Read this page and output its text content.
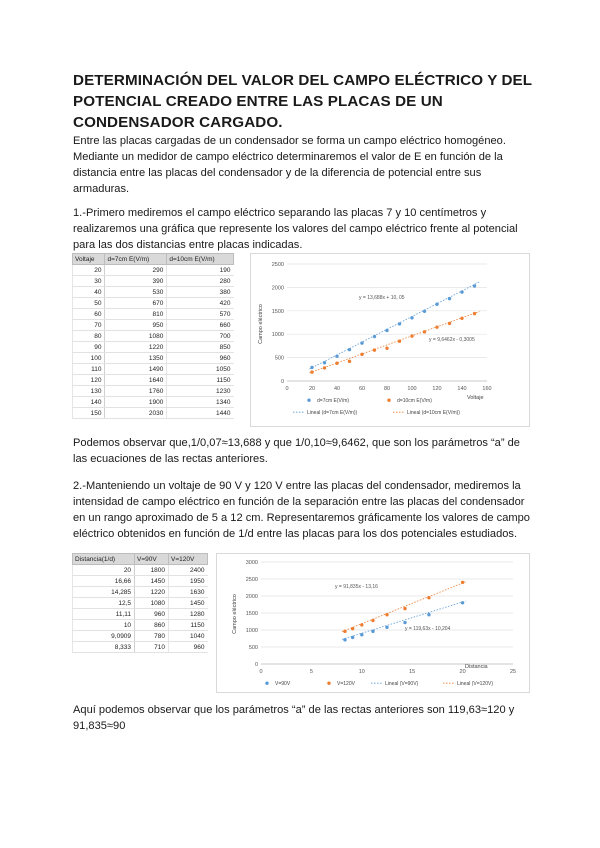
DETERMINACIÓN DEL VALOR DEL CAMPO ELÉCTRICO Y DEL POTENCIAL CREADO ENTRE LAS PLACAS DE UN CONDENSADOR CARGADO.
Entre las placas cargadas de un condensador se forma un campo eléctrico homogéneo. Mediante un medidor de campo eléctrico determinaremos el valor de E en función de la distancia entre las placas del condensador y de la diferencia de potencial entre sus armaduras.
1.-Primero mediremos el campo eléctrico separando las placas 7 y 10 centímetros y realizaremos una gráfica que represente los valores del campo eléctrico frente al potencial para las dos distancias entre placas indicadas.
Voltaje	d=7cm E(V/m)	d=10cm E(V/m)
20	290	190
30	390	280
40	530	380
50	670	420
60	810	570
70	950	660
80	1080	700
90	1220	850
100	1350	960
110	1490	1050
120	1640	1150
130	1760	1230
140	1900	1340
150	2030	1440
0
500
1000
1500
2000
2500
0	20	40	60	80	100	120	140	160
Voltaje
Campo eléctrico
y = 13,688x + 10, 05
y = 9,6462x - 0,3005
d=7cm E(V/m)	d=10cm E(V/m)
Lineal (d=7cm E(V/m))	Lineal (d=10cm E(V/m))
Podemos observar que,1/0,07≈13,688 y que 1/0,10≈9,6462, que son los parámetros “a” de las ecuaciones de las rectas anteriores.
2.-Manteniendo un voltaje de 90 V y 120 V entre las placas del condensador, mediremos la intensidad de campo eléctrico en función de la separación entre las placas del condensador en un rango aproximado de 5 a 12 cm. Representaremos gráficamente los valores de campo eléctrico obtenidos en función de 1/d entre las placas para los dos potenciales estudiados.
Distancia(1/d)	V=90V	V=120V
20	1800	2400
16,66	1450	1950
14,285	1220	1630
12,5	1080	1450
11,11	960	1280
10	860	1150
9,0909	780	1040
8,333	710	960
0
500
1000
1500
2000
2500
3000
0	5	10	15	20	25
Distancia
Campo eléctrico
y = 91,835x - 13,16
y = 119,63x - 10,204
V=90V	V=120V	Lineal (V=90V)	Lineal (V=120V)
Aquí podemos observar que los parámetros “a” de las rectas anteriores son 119,63≈120 y 91,835≈90
